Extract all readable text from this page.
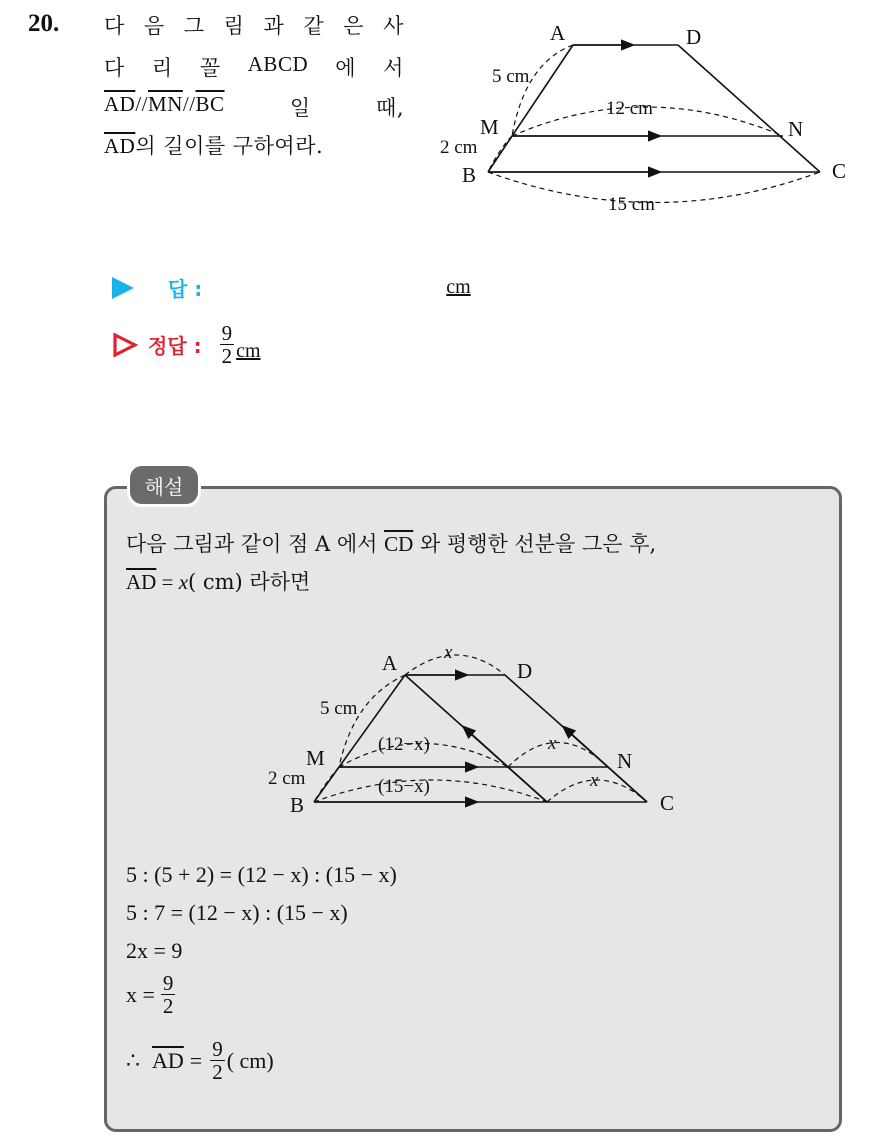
20. 다 음 그 림 과 같 은 사
다 리 꼴 ABCD 에 서
$\overline{AD}//\overline{MN}//\overline{BC}$	일	때,
$\overline{AD}$의 길이를 구하여라.
A	D
M	N
B	C
5 cm
2 cm
12 cm
15 cm
답 :	cm
정답 : $\frac{9}{2}$ cm
해설
다음 그림과 같이 점 A 에서 $\overline{CD}$ 와 평행한 선분을 그은 후,
$\overline{AD} = x$( cm) 라하면
A	D
M	N
B	C
5 cm
2 cm
x
(12−x)	x
(15−x)	x
5 : (5 + 2) = (12 − x) : (15 − x)
5 : 7 = (12 − x) : (15 − x)
2x = 9
$x = \frac{9}{2}$
∴ $\overline{AD} = \frac{9}{2}$ ( cm)
